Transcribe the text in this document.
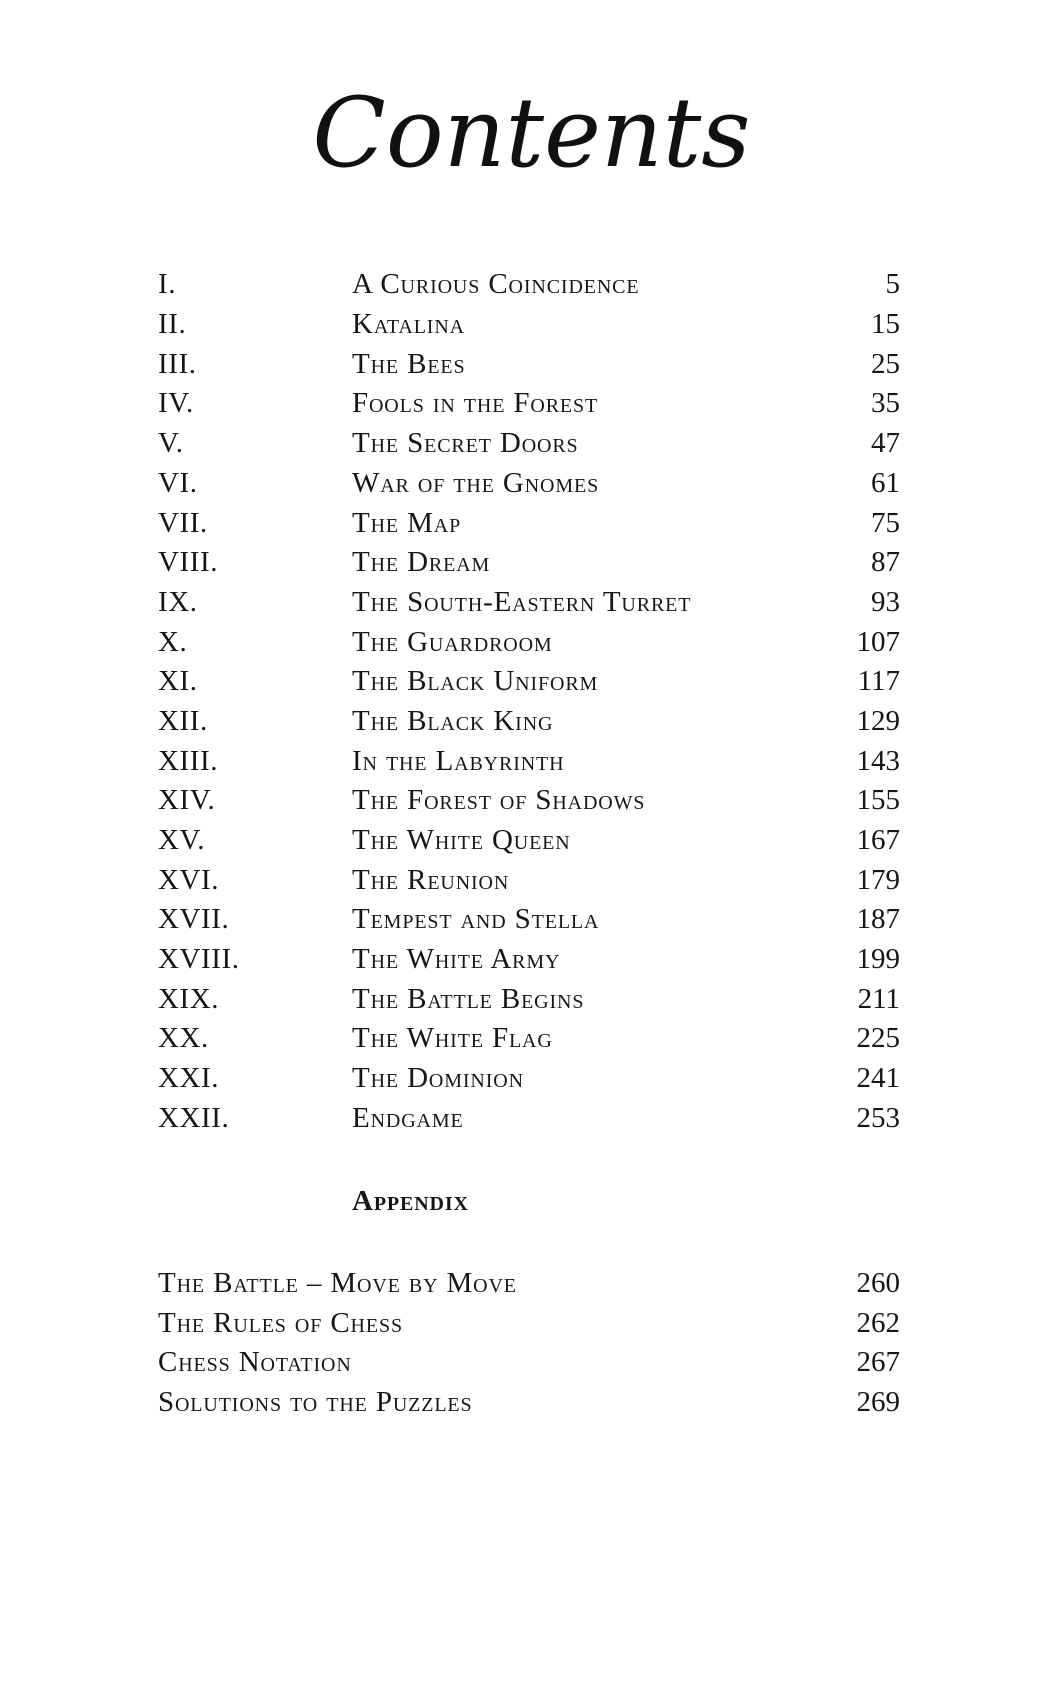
Contents
I.	A Curious Coincidence	5
II.	Katalina	15
III.	The Bees	25
IV.	Fools in the Forest	35
V.	The Secret Doors	47
VI.	War of the Gnomes	61
VII.	The Map	75
VIII.	The Dream	87
IX.	The South-Eastern Turret	93
X.	The Guardroom	107
XI.	The Black Uniform	117
XII.	The Black King	129
XIII.	In the Labyrinth	143
XIV.	The Forest of Shadows	155
XV.	The White Queen	167
XVI.	The Reunion	179
XVII.	Tempest and Stella	187
XVIII.	The White Army	199
XIX.	The Battle Begins	211
XX.	The White Flag	225
XXI.	The Dominion	241
XXII.	Endgame	253
Appendix
The Battle – Move by Move	260
The Rules of Chess	262
Chess Notation	267
Solutions to the Puzzles	269
